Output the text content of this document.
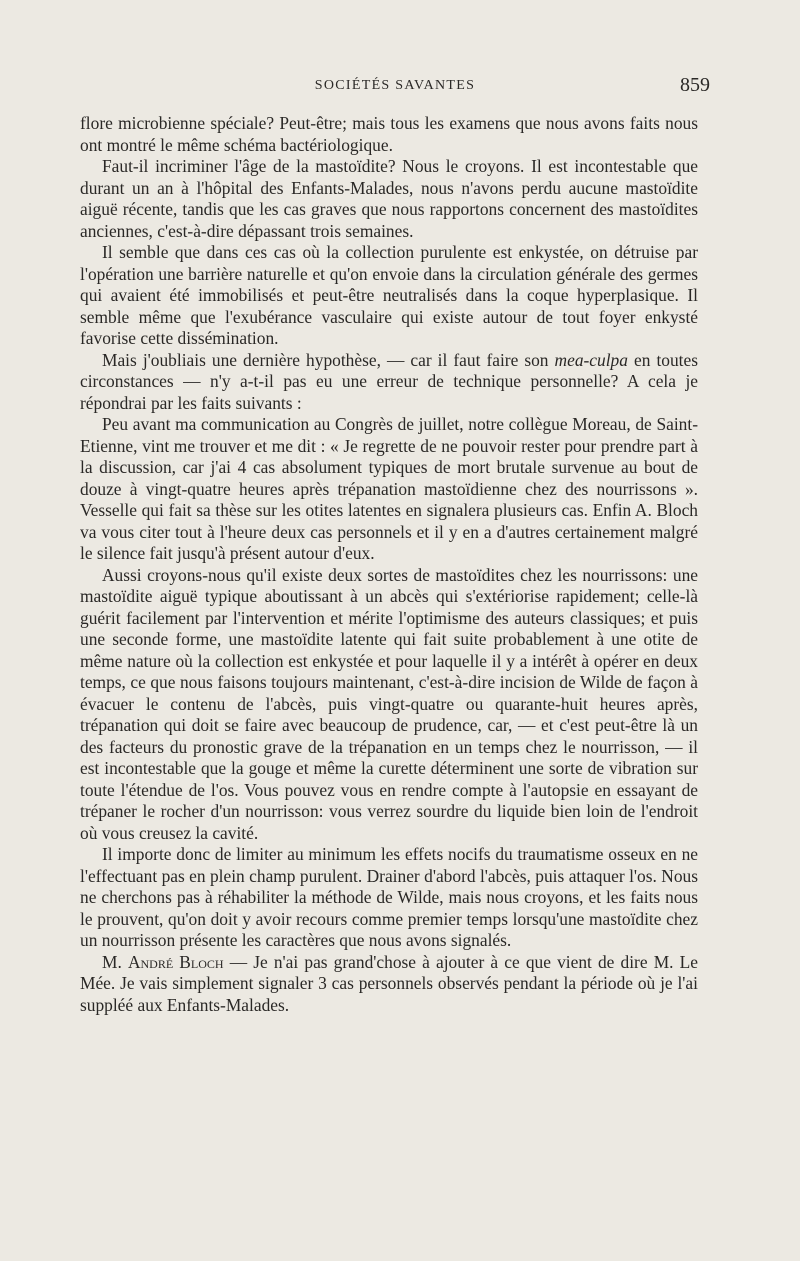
SOCIÉTÉS SAVANTES	859

flore microbienne spéciale? Peut-être; mais tous les examens que nous avons faits nous ont montré le même schéma bactériologique.

Faut-il incriminer l'âge de la mastoïdite? Nous le croyons. Il est incontestable que durant un an à l'hôpital des Enfants-Malades, nous n'avons perdu aucune mastoïdite aiguë récente, tandis que les cas graves que nous rapportons concernent des mastoïdites anciennes, c'est-à-dire dépassant trois semaines.

Il semble que dans ces cas où la collection purulente est enkystée, on détruise par l'opération une barrière naturelle et qu'on envoie dans la circulation générale des germes qui avaient été immobilisés et peut-être neutralisés dans la coque hyperplasique. Il semble même que l'exubérance vasculaire qui existe autour de tout foyer enkysté favorise cette dissémination.

Mais j'oubliais une dernière hypothèse, — car il faut faire son mea-culpa en toutes circonstances — n'y a-t-il pas eu une erreur de technique personnelle? A cela je répondrai par les faits suivants :

Peu avant ma communication au Congrès de juillet, notre collègue Moreau, de Saint-Etienne, vint me trouver et me dit : « Je regrette de ne pouvoir rester pour prendre part à la discussion, car j'ai 4 cas absolument typiques de mort brutale survenue au bout de douze à vingt-quatre heures après trépanation mastoïdienne chez des nourrissons ». Vesselle qui fait sa thèse sur les otites latentes en signalera plusieurs cas. Enfin A. Bloch va vous citer tout à l'heure deux cas personnels et il y en a d'autres certainement malgré le silence fait jusqu'à présent autour d'eux.

Aussi croyons-nous qu'il existe deux sortes de mastoïdites chez les nourrissons: une mastoïdite aiguë typique aboutissant à un abcès qui s'extériorise rapidement; celle-là guérit facilement par l'intervention et mérite l'optimisme des auteurs classiques; et puis une seconde forme, une mastoïdite latente qui fait suite probablement à une otite de même nature où la collection est enkystée et pour laquelle il y a intérêt à opérer en deux temps, ce que nous faisons toujours maintenant, c'est-à-dire incision de Wilde de façon à évacuer le contenu de l'abcès, puis vingt-quatre ou quarante-huit heures après, trépanation qui doit se faire avec beaucoup de prudence, car, — et c'est peut-être là un des facteurs du pronostic grave de la trépanation en un temps chez le nourrisson, — il est incontestable que la gouge et même la curette déterminent une sorte de vibration sur toute l'étendue de l'os. Vous pouvez vous en rendre compte à l'autopsie en essayant de trépaner le rocher d'un nourrisson: vous verrez sourdre du liquide bien loin de l'endroit où vous creusez la cavité.

Il importe donc de limiter au minimum les effets nocifs du traumatisme osseux en ne l'effectuant pas en plein champ purulent. Drainer d'abord l'abcès, puis attaquer l'os. Nous ne cherchons pas à réhabiliter la méthode de Wilde, mais nous croyons, et les faits nous le prouvent, qu'on doit y avoir recours comme premier temps lorsqu'une mastoïdite chez un nourrisson présente les caractères que nous avons signalés.

M. André Bloch — Je n'ai pas grand'chose à ajouter à ce que vient de dire M. Le Mée. Je vais simplement signaler 3 cas personnels observés pendant la période où je l'ai suppléé aux Enfants-Malades.
